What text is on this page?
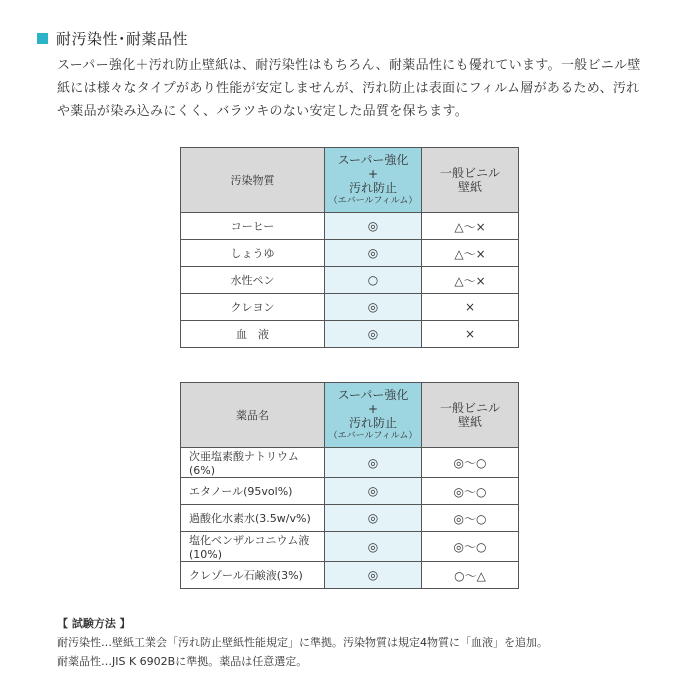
耐汚染性･耐薬品性
スーパー強化＋汚れ防止壁紙は、耐汚染性はもちろん、耐薬品性にも優れています。一般ビニル壁
紙には様々なタイプがあり性能が安定しませんが、汚れ防止は表面にフィルム層があるため、汚れ
や薬品が染み込みにくく、バラツキのない安定した品質を保ちます。
汚染物質	スーパー強化
+
汚れ防止
（エバールフィルム）	一般ビニル
壁紙

コーヒー	◎	△～×
しょうゆ	◎	△～×
水性ペン	○	△～×
クレヨン	◎	×
血　液	◎	×
薬品名	スーパー強化
+
汚れ防止
（エバールフィルム）	一般ビニル
壁紙

次亜塩素酸ナトリウム(6%)	◎	◎～○
エタノール(95vol%)	◎	◎～○
過酸化水素水(3.5w/v%)	◎	◎～○
塩化ベンザルコニウム液(10%)	◎	◎～○
クレゾール石鹸液(3%)	◎	○～△
【 試験方法 】
耐汚染性…壁紙工業会「汚れ防止壁紙性能規定」に準拠。汚染物質は規定4物質に「血液」を追加。
耐薬品性…JIS K 6902Bに準拠。薬品は任意選定。
